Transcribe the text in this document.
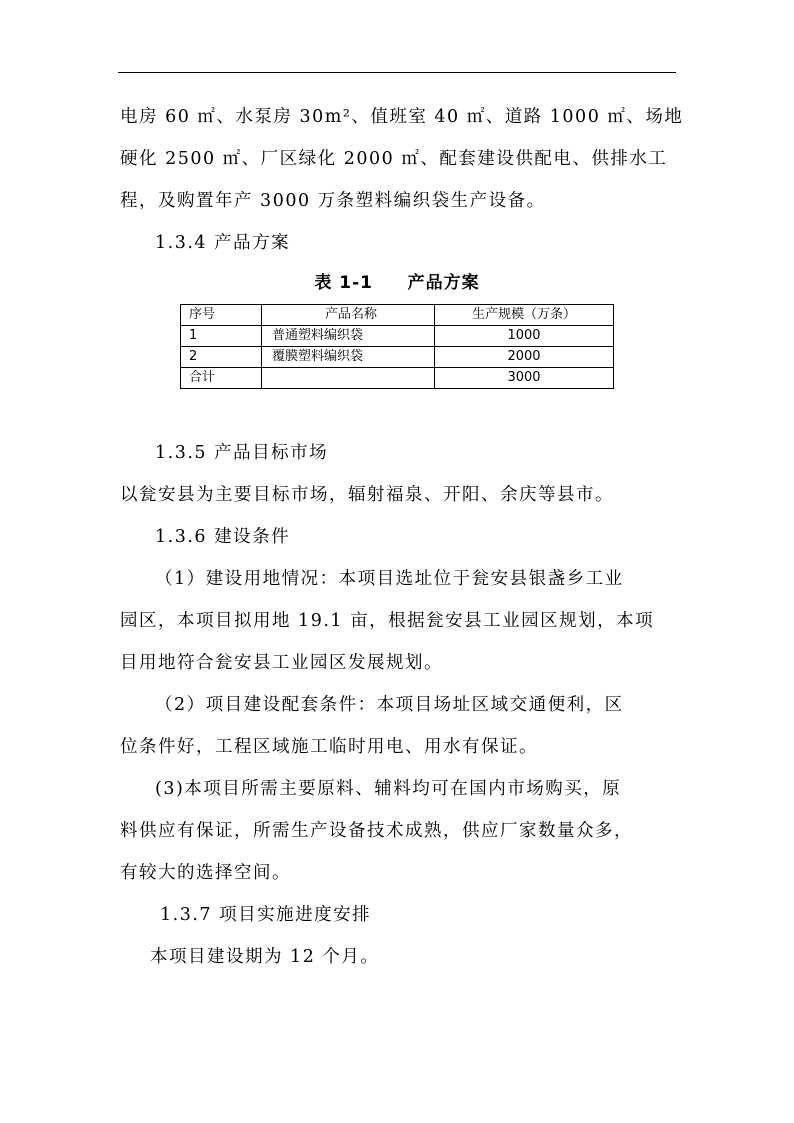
电房 60 ㎡、水泵房 30m²、值班室 40 ㎡、道路 1000 ㎡、场地
硬化 2500 ㎡、厂区绿化 2000 ㎡、配套建设供配电、供排水工
程，及购置年产 3000 万条塑料编织袋生产设备。
1.3.4 产品方案
表 1-1     产品方案
序号	产品名称	生产规模（万条）
1	普通塑料编织袋	1000
2	覆膜塑料编织袋	2000
合计		3000
1.3.5 产品目标市场
以瓮安县为主要目标市场，辐射福泉、开阳、余庆等县市。
1.3.6 建设条件
（1）建设用地情况：本项目选址位于瓮安县银盏乡工业
园区，本项目拟用地 19.1 亩，根据瓮安县工业园区规划，本项
目用地符合瓮安县工业园区发展规划。
（2）项目建设配套条件：本项目场址区域交通便利，区
位条件好，工程区域施工临时用电、用水有保证。
(3)本项目所需主要原料、辅料均可在国内市场购买，原
料供应有保证，所需生产设备技术成熟，供应厂家数量众多，
有较大的选择空间。
1.3.7 项目实施进度安排
本项目建设期为 12 个月。
